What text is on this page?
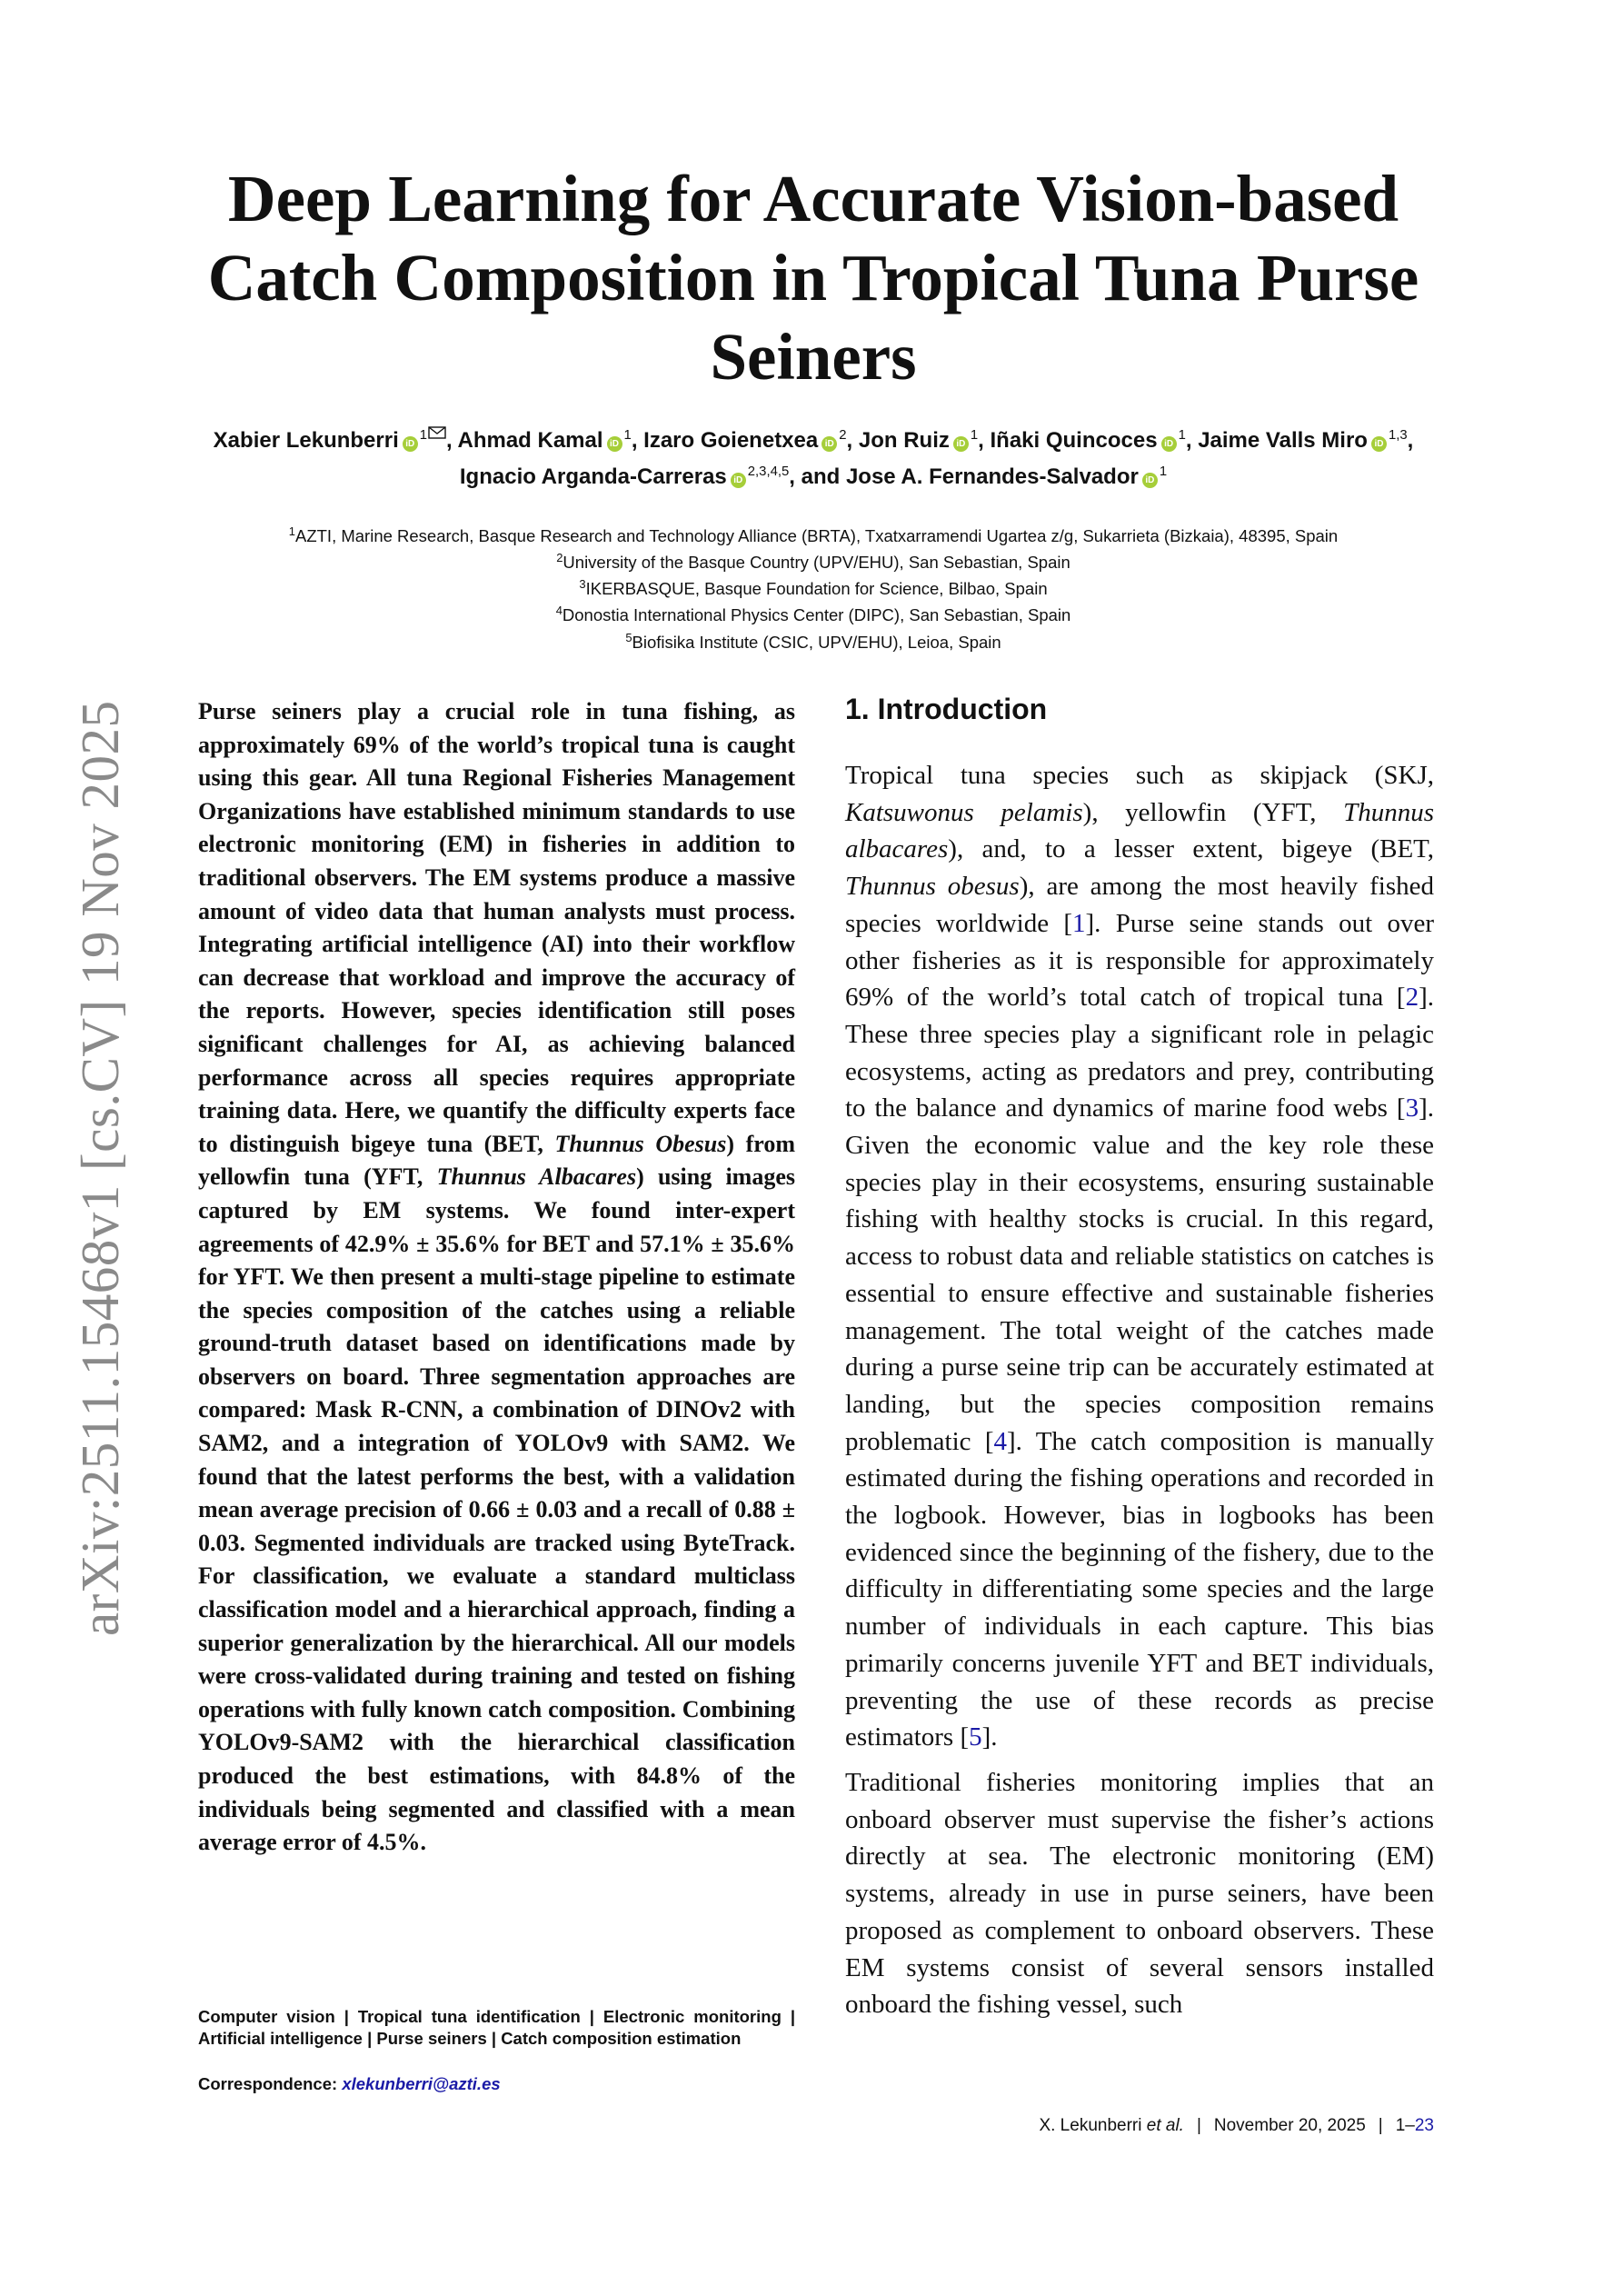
arXiv:2511.15468v1 [cs.CV] 19 Nov 2025
Deep Learning for Accurate Vision-based Catch Composition in Tropical Tuna Purse Seiners
Xabier Lekunberri $iD^1$ , Ahmad Kamal $iD^1$, Izaro Goienetxea $iD^2$, Jon Ruiz $iD^1$, Iñaki Quincoces $iD^1$, Jaime Valls Miro iD$^{1,3}$, Ignacio Arganda-Carreras iD$^{2,3,4,5}$, and Jose A. Fernandes-Salvador $iD^1$
$^1$AZTI, Marine Research, Basque Research and Technology Alliance (BRTA), Txatxarramendi Ugartea z/g, Sukarrieta (Bizkaia), 48395, Spain
$^2$University of the Basque Country (UPV/EHU), San Sebastian, Spain
$^3$IKERBASQUE, Basque Foundation for Science, Bilbao, Spain
$^4$Donostia International Physics Center (DIPC), San Sebastian, Spain
$^5$Biofisika Institute (CSIC, UPV/EHU), Leioa, Spain

Purse seiners play a crucial role in tuna fishing, as approximately 69% of the world’s tropical tuna is caught using this gear. All tuna Regional Fisheries Management Organizations have established minimum standards to use electronic monitoring (EM) in fisheries in addition to traditional observers. The EM systems produce a massive amount of video data that human analysts must process. Integrating artificial intelligence (AI) into their workflow can decrease that workload and improve the accuracy of the reports. However, species identification still poses significant challenges for AI, as achieving balanced performance across all species requires appropriate training data. Here, we quantify the difficulty experts face to distinguish bigeye tuna (BET, Thunnus Obesus) from yellowfin tuna (YFT, Thunnus Albacares) using images captured by EM systems. We found inter-expert agreements of 42.9% ± 35.6% for BET and 57.1% ± 35.6% for YFT. We then present a multi-stage pipeline to estimate the species composition of the catches using a reliable ground-truth dataset based on identifications made by observers on board. Three segmentation approaches are compared: Mask R-CNN, a combination of DINOv2 with SAM2, and a integration of YOLOv9 with SAM2. We found that the latest performs the best, with a validation mean average precision of 0.66 ± 0.03 and a recall of 0.88 ± 0.03. Segmented individuals are tracked using ByteTrack. For classification, we evaluate a standard multiclass classification model and a hierarchical approach, finding a superior generalization by the hierarchical. All our models were cross-validated during training and tested on fishing operations with fully known catch composition. Combining YOLOv9-SAM2 with the hierarchical classification produced the best estimations, with 84.8% of the individuals being segmented and classified with a mean average error of 4.5%.

Computer vision | Tropical tuna identification | Electronic monitoring | Artificial intelligence | Purse seiners | Catch composition estimation
Correspondence: xlekunberri@azti.es
1. Introduction

Tropical tuna species such as skipjack (SKJ, Katsuwonus pelamis), yellowfin (YFT, Thunnus albacares), and, to a lesser extent, bigeye (BET, Thunnus obesus), are among the most heavily fished species worldwide [1]. Purse seine stands out over other fisheries as it is responsible for approximately 69% of the world’s total catch of tropical tuna [2]. These three species play a significant role in pelagic ecosystems, acting as predators and prey, contributing to the balance and dynamics of marine food webs [3]. Given the economic value and the key role these species play in their ecosystems, ensuring sustainable fishing with healthy stocks is crucial. In this regard, access to robust data and reliable statistics on catches is essential to ensure effective and sustainable fisheries management. The total weight of the catches made during a purse seine trip can be accurately estimated at landing, but the species composition remains problematic [4]. The catch composition is manually estimated during the fishing operations and recorded in the logbook. However, bias in logbooks has been evidenced since the beginning of the fishery, due to the difficulty in differentiating some species and the large number of individuals in each capture. This bias primarily concerns juvenile YFT and BET individuals, preventing the use of these records as precise estimators [5].

Traditional fisheries monitoring implies that an onboard observer must supervise the fisher’s actions directly at sea. The electronic monitoring (EM) systems, already in use in purse seiners, have been proposed as complement to onboard observers. These EM systems consist of several sensors installed onboard the fishing vessel, such

X. Lekunberri et al. | November 20, 2025 | 1–23
